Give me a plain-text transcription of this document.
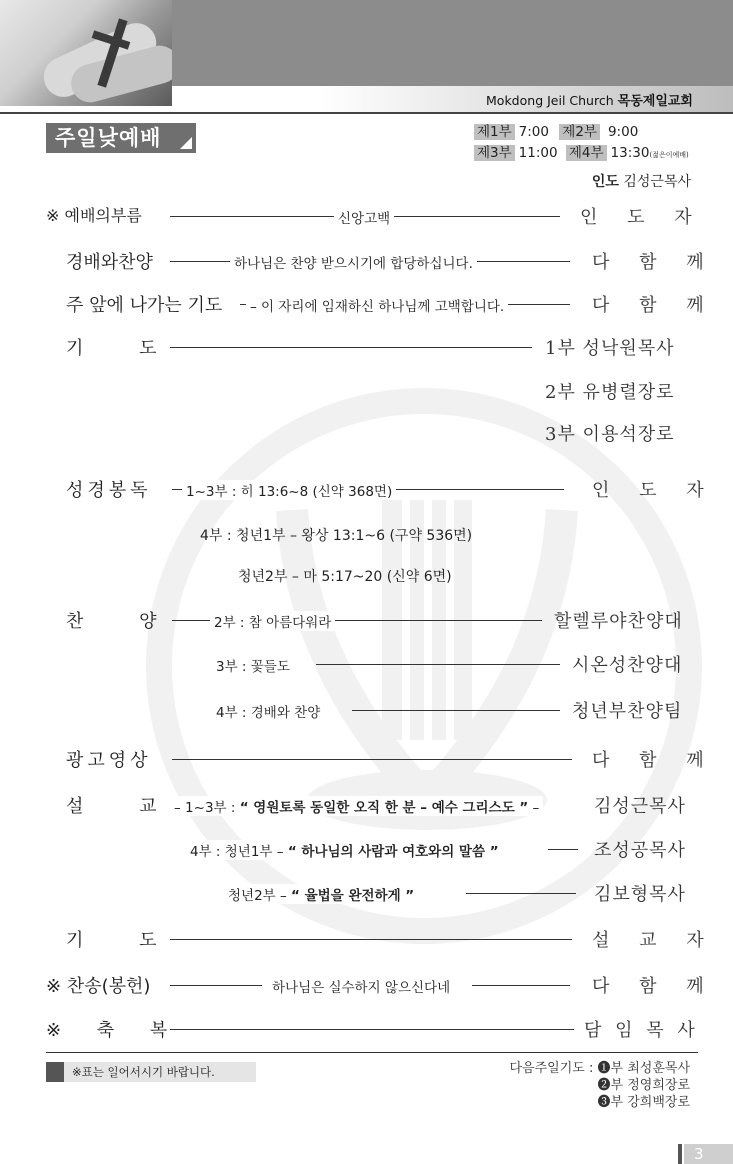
Mokdong Jeil Church 목동제일교회
주일낮예배	제1부 7:00 제2부 9:00
제3부 11:00 제4부 13:30(젊은이예배)
인도 김성근목사
※ 예배의부름	신앙고백	인 도 자
경배와찬양	하나님은 찬양 받으시기에 합당하십니다.	다 함 께
주 앞에 나가는 기도 – 이 자리에 임재하신 하나님께 고백합니다.	다 함 께
기 도	1부 성낙원목사
2부 유병렬장로
3부 이용석장로
성경봉독	1~3부 : 히 13:6~8 (신약 368면)	인 도 자
4부 : 청년1부 – 왕상 13:1~6 (구약 536면)
청년2부 – 마 5:17~20 (신약 6면)
찬 양	2부 : 참 아름다워라	할렐루야찬양대
3부 : 꽃들도	시온성찬양대
4부 : 경배와 찬양	청년부찬양팀
광고영상	다 함 께
설 교 – 1~3부 : “ 영원토록 동일한 오직 한 분 – 예수 그리스도 ” –	김성근목사
4부 : 청년1부 – “ 하나님의 사람과 여호와의 말씀 ”	조성공목사
청년2부 – “ 율법을 완전하게 ”	김보형목사
기 도	설 교 자
※ 찬송(봉헌)	하나님은 실수하지 않으신다네	다 함 께
※ 축 복	담 임 목 사
※표는 일어서시기 바랍니다.	다음주일기도 : ❶부 최성훈목사
❷부 정영희장로
❸부 강희백장로
3
